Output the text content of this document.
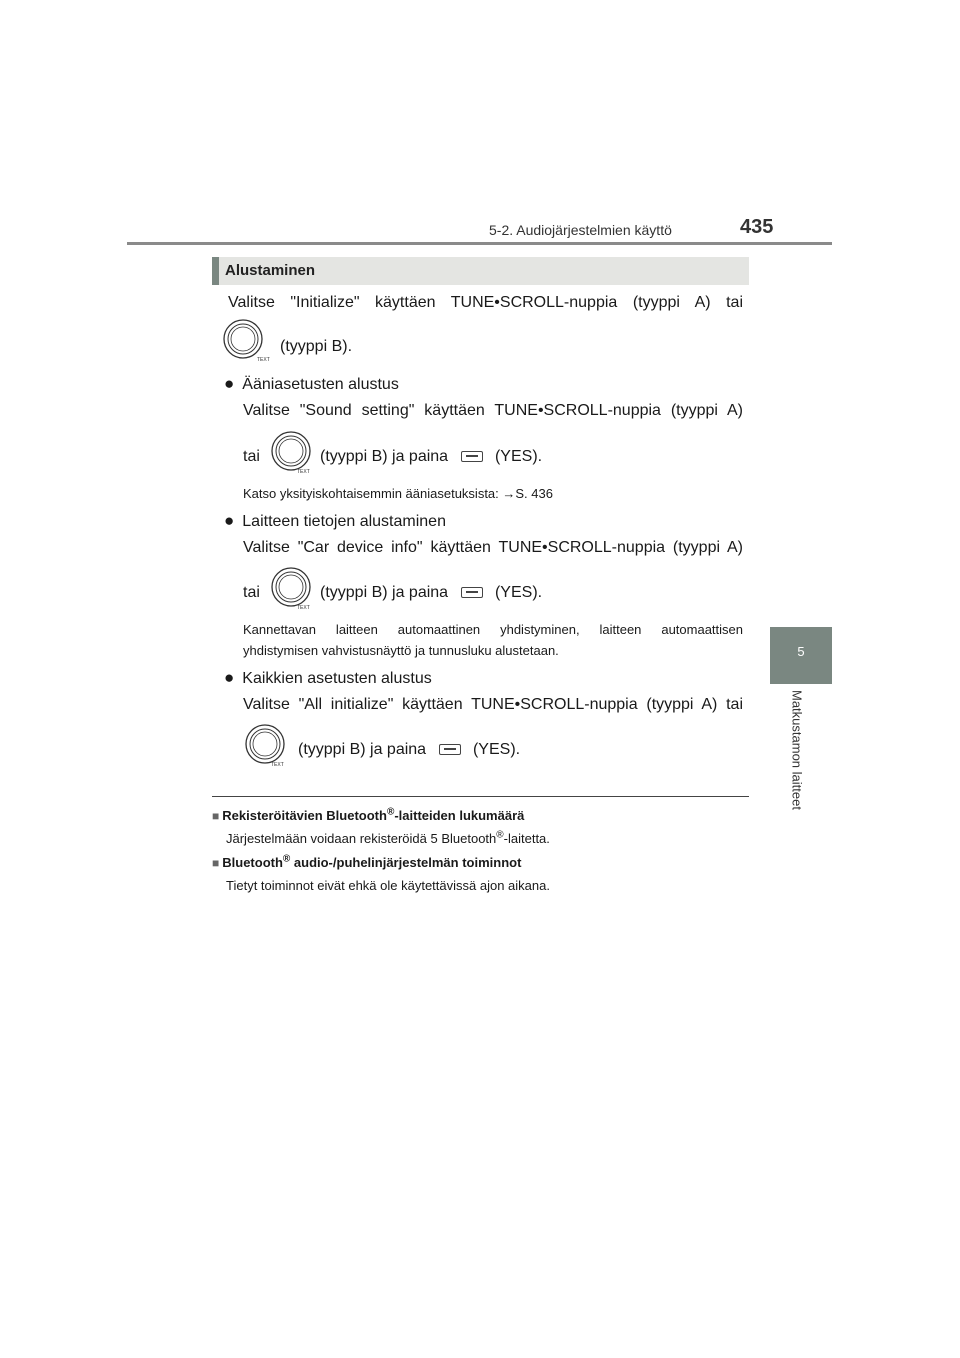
5-2. Audiojärjestelmien käyttö	435
5
Matkustamon laitteet
Alustaminen
Valitse "Initialize" käyttäen TUNE•SCROLL-nuppia (tyyppi A) tai
TEXT
(tyyppi B).
● Ääniasetusten alustus
Valitse "Sound setting" käyttäen TUNE•SCROLL-nuppia (tyyppi A)
tai
TEXT
(tyyppi B) ja paina	(YES).
Katso yksityiskohtaisemmin ääniasetuksista: →S. 436
● Laitteen tietojen alustaminen
Valitse "Car device info" käyttäen TUNE•SCROLL-nuppia (tyyppi A)
tai
TEXT
(tyyppi B) ja paina	(YES).
Kannettavan laitteen automaattinen yhdistyminen, laitteen automaattisen
yhdistymisen vahvistusnäyttö ja tunnusluku alustetaan.
● Kaikkien asetusten alustus
Valitse "All initialize" käyttäen TUNE•SCROLL-nuppia (tyyppi A) tai
TEXT
(tyyppi B) ja paina	(YES).
■ Rekisteröitävien Bluetooth®-laitteiden lukumäärä
Järjestelmään voidaan rekisteröidä 5 Bluetooth®-laitetta.
■ Bluetooth® audio-/puhelinjärjestelmän toiminnot
Tietyt toiminnot eivät ehkä ole käytettävissä ajon aikana.
